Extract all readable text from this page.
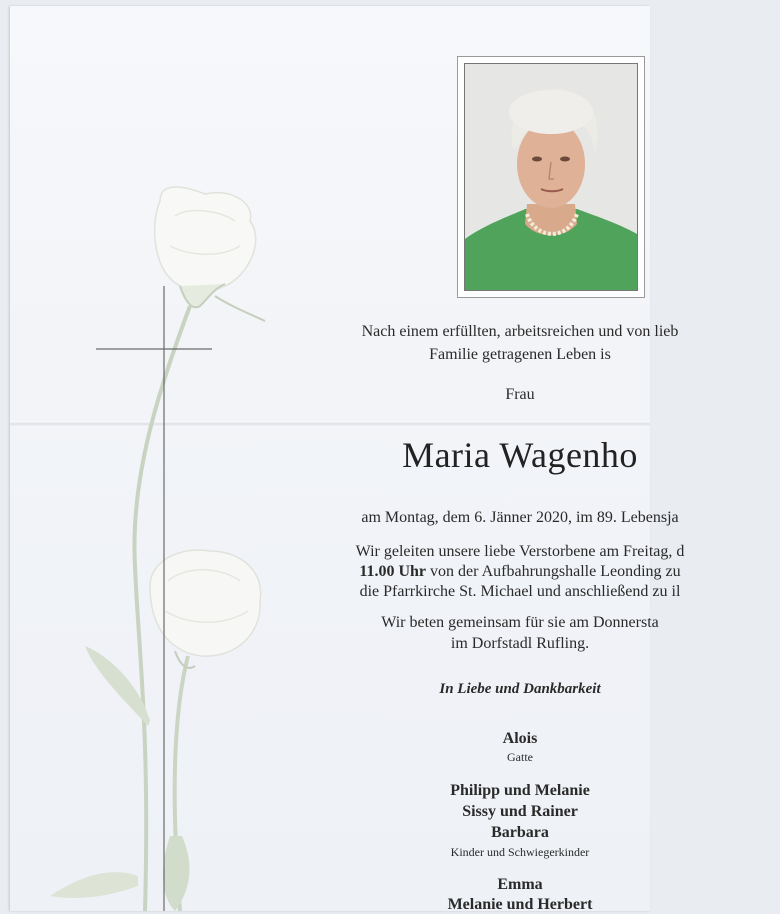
Nach einem erfüllten, arbeitsreichen und von lieb
Familie getragenen Leben is
Frau
Maria Wagenho
am Montag, dem 6. Jänner 2020, im 89. Lebensja
Wir geleiten unsere liebe Verstorbene am Freitag, d
11.00 Uhr von der Aufbahrungshalle Leonding zu
die Pfarrkirche St. Michael und anschließend zu il
Wir beten gemeinsam für sie am Donnersta
im Dorfstadl Rufling.
In Liebe und Dankbarkeit
Alois
Gatte
Philipp und Melanie
Sissy und Rainer
Barbara
Kinder und Schwiegerkinder
Emma
Melanie und Herbert
